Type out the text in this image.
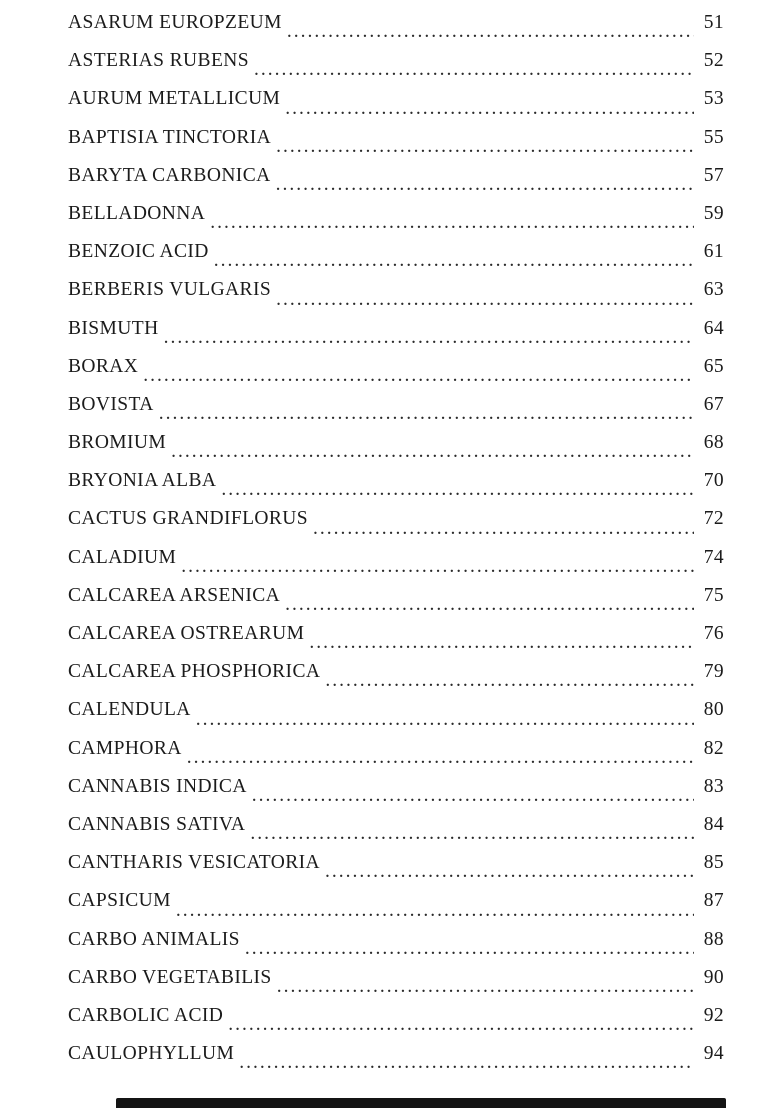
ASARUM EUROPZEUM .....	51
ASTERIAS RUBENS .....	52
AURUM METALLICUM .....	53
BAPTISIA TINCTORIA .....	55
BARYTA CARBONICA .....	57
BELLADONNA .....	59
BENZOIC ACID .....	61
BERBERIS VULGARIS .....	63
BISMUTH .....	64
BORAX .....	65
BOVISTA .....	67
BROMIUM .....	68
BRYONIA ALBA .....	70
CACTUS GRANDIFLORUS .....	72
CALADIUM .....	74
CALCAREA ARSENICA .....	75
CALCAREA OSTREARUM .....	76
CALCAREA PHOSPHORICA .....	79
CALENDULA .....	80
CAMPHORA .....	82
CANNABIS INDICA .....	83
CANNABIS SATIVA .....	84
CANTHARIS VESICATORIA .....	85
CAPSICUM .....	87
CARBO ANIMALIS .....	88
CARBO VEGETABILIS .....	90
CARBOLIC ACID .....	92
CAULOPHYLLUM .....	94
